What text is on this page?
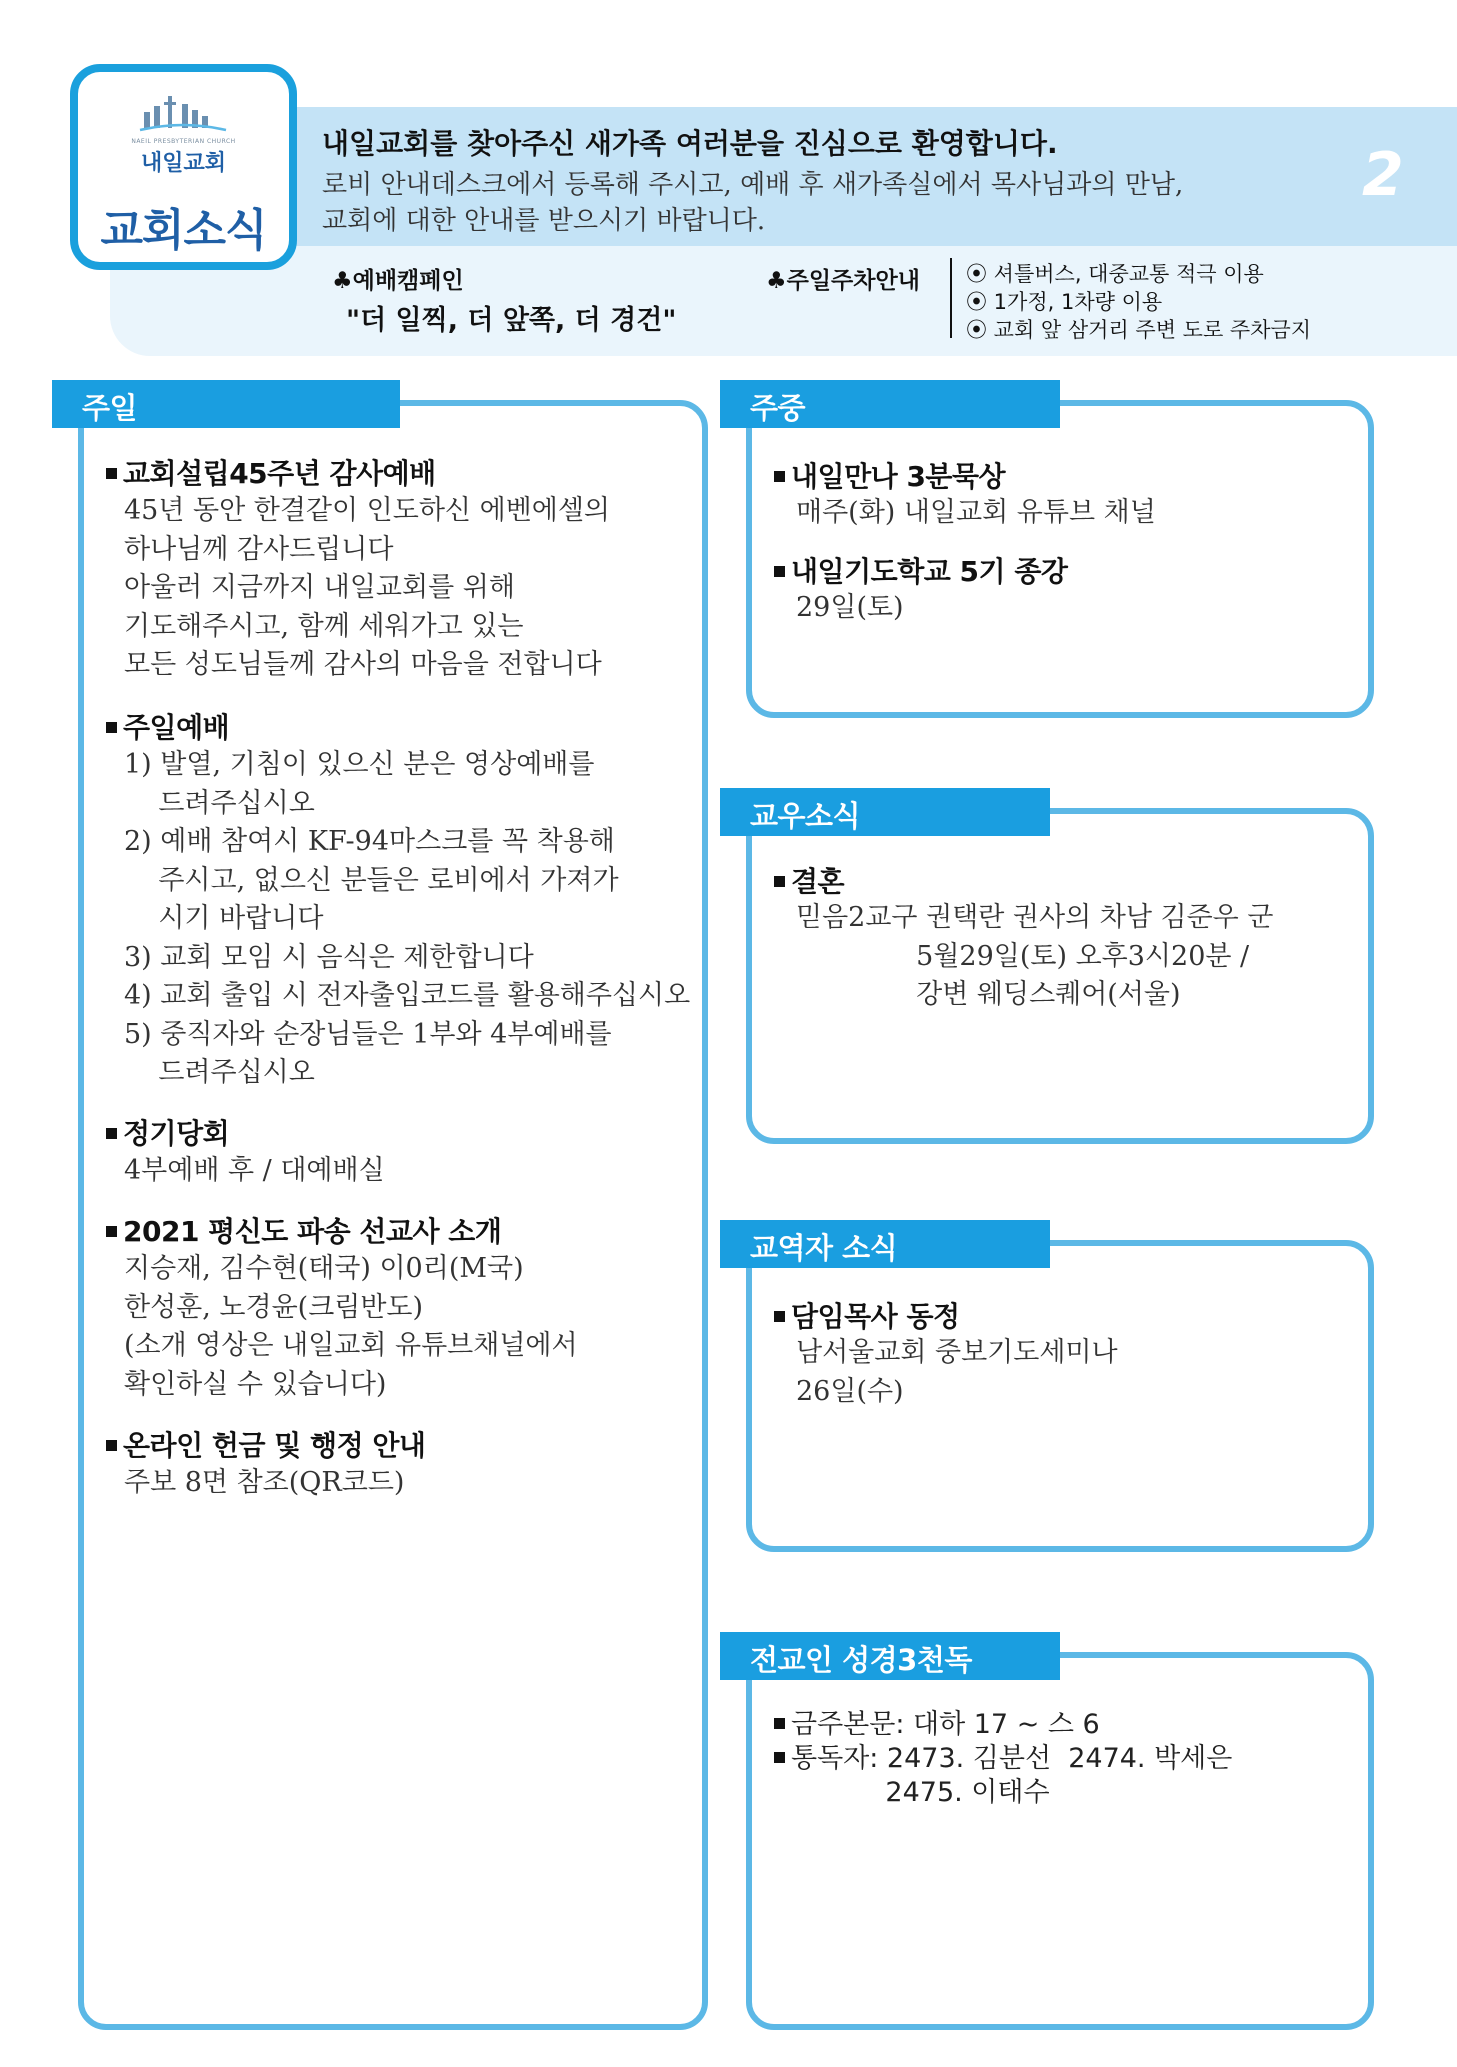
NAEIL PRESBYTERIAN CHURCH
내일교회
교회소식
내일교회를 찾아주신 새가족 여러분을 진심으로 환영합니다.
로비 안내데스크에서 등록해 주시고, 예배 후 새가족실에서 목사님과의 만남,
교회에 대한 안내를 받으시기 바랍니다.
2
♣예배캠페인
"더 일찍, 더 앞쪽, 더 경건"
♣주일주차안내 ⦿ 셔틀버스, 대중교통 적극 이용
⦿ 1가정, 1차량 이용
⦿ 교회 앞 삼거리 주변 도로 주차금지
주일
교회설립45주년 감사예배
45년 동안 한결같이 인도하신 에벤에셀의
하나님께 감사드립니다
아울러 지금까지 내일교회를 위해
기도해주시고, 함께 세워가고 있는
모든 성도님들께 감사의 마음을 전합니다
주일예배
1) 발열, 기침이 있으신 분은 영상예배를
드려주십시오
2) 예배 참여시 KF-94마스크를 꼭 착용해
주시고, 없으신 분들은 로비에서 가져가
시기 바랍니다
3) 교회 모임 시 음식은 제한합니다
4) 교회 출입 시 전자출입코드를 활용해주십시오
5) 중직자와 순장님들은 1부와 4부예배를
드려주십시오
정기당회
4부예배 후 / 대예배실
2021 평신도 파송 선교사 소개
지승재, 김수현(태국) 이0리(M국)
한성훈, 노경윤(크림반도)
(소개 영상은 내일교회 유튜브채널에서
확인하실 수 있습니다)
온라인 헌금 및 행정 안내
주보 8면 참조(QR코드)
주중
내일만나 3분묵상
매주(화) 내일교회 유튜브 채널
내일기도학교 5기 종강
29일(토)
교우소식
결혼
믿음2교구 권택란 권사의 차남 김준우 군
5월29일(토) 오후3시20분 /
강변 웨딩스퀘어(서울)
교역자 소식
담임목사 동정
남서울교회 중보기도세미나
26일(수)
전교인 성경3천독
금주본문: 대하 17 ~ 스 6
통독자: 2473. 김분선  2474. 박세은
2475. 이태수
